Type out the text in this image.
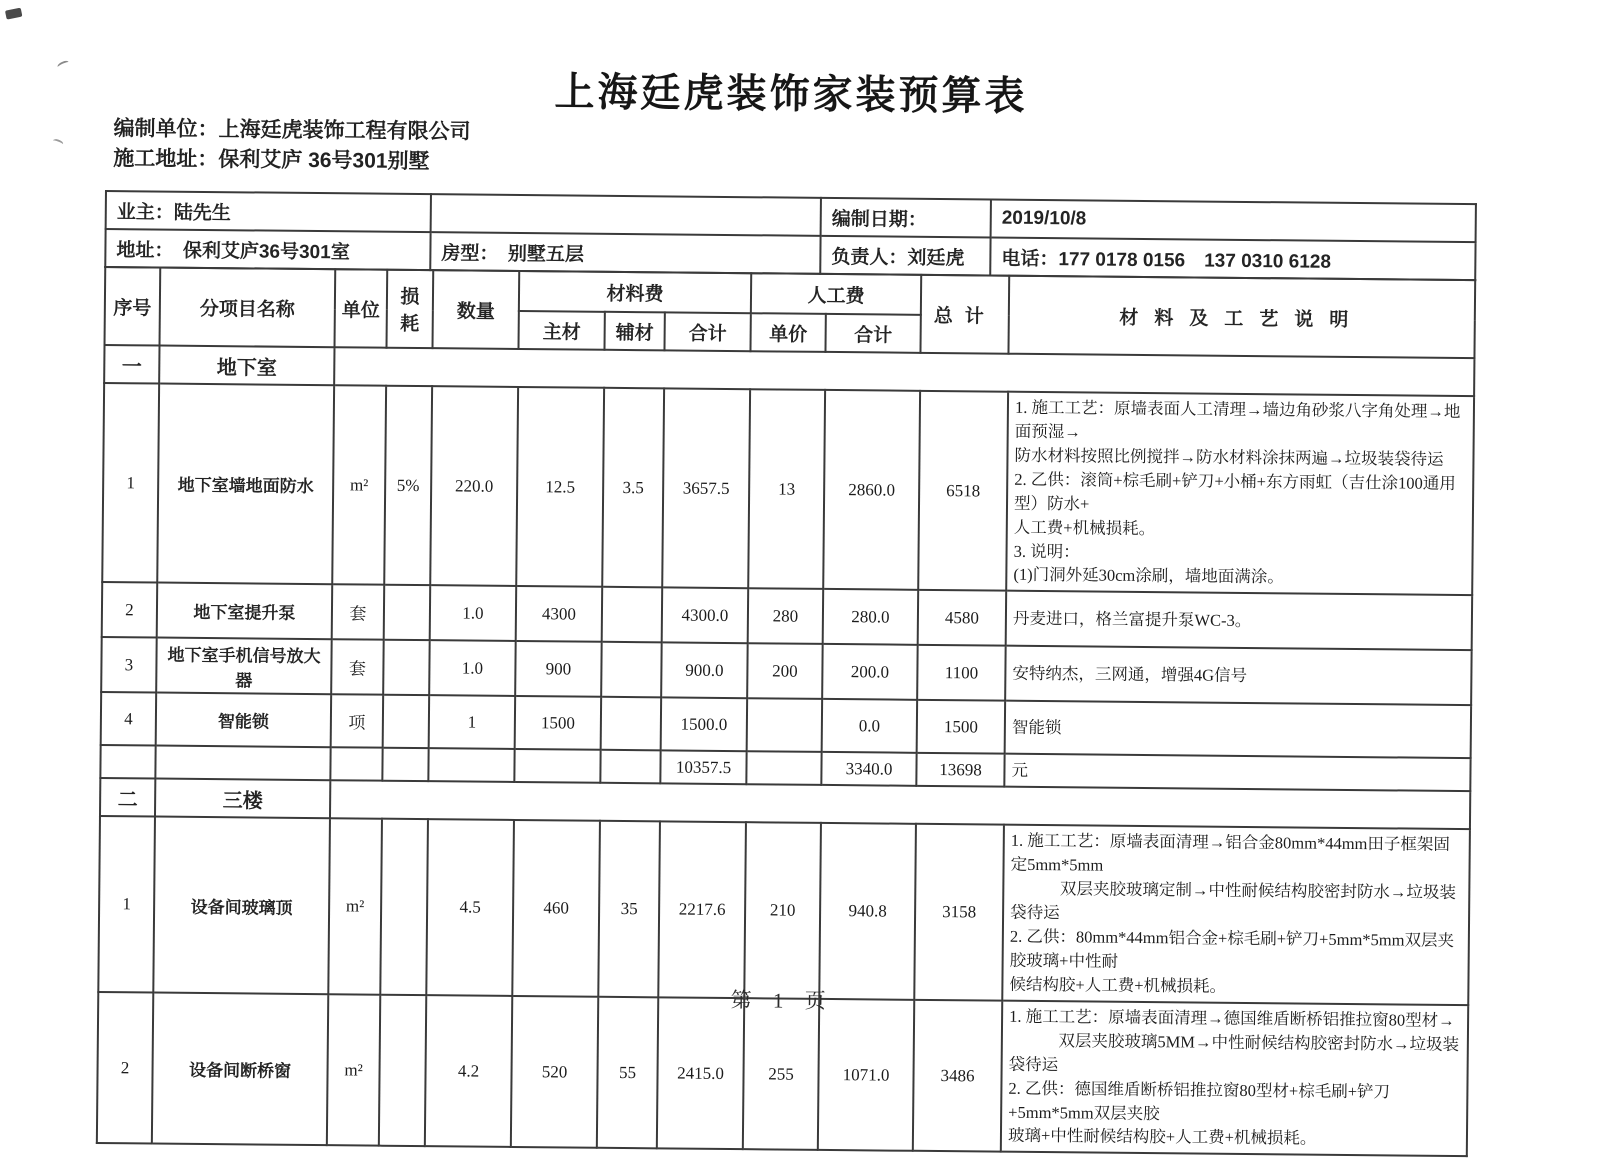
上海廷虎装饰家装预算表
编制单位：上海廷虎装饰工程有限公司
施工地址：保利艾庐 36号301别墅
业主：陆先生		编制日期：	2019/10/8
地址：　保利艾庐36号301室	房型：　别墅五层	负责人：刘廷虎	电话：177 0178 0156　137 0310 6128
序号	分项目名称	单位	损耗	数量	材料费			人工费		总计	材料及工艺说明
					主材	辅材	合计	单价	合计		
一	地下室										
1	地下室墙地面防水	m²	5%	220.0	12.5	3.5	3657.5	13	2860.0	6518	1. 施工工艺：原墙表面人工清理→墙边角砂浆八字角处理→地面预湿→
防水材料按照比例搅拌→防水材料涂抹两遍→垃圾装袋待运
2. 乙供：滚筒+棕毛刷+铲刀+小桶+东方雨虹（吉仕涂100通用型）防水+
人工费+机械损耗。
3. 说明：
(1)门洞外延30cm涂刷，墙地面满涂。
2	地下室提升泵	套		1.0	4300		4300.0	280	280.0	4580	丹麦进口，格兰富提升泵WC-3。
3	地下室手机信号放大器	套		1.0	900		900.0	200	200.0	1100	安特纳杰，三网通，增强4G信号
4	智能锁	项		1	1500		1500.0		0.0	1500	智能锁
							10357.5		3340.0	13698	元
二	三楼										
1	设备间玻璃顶	m²		4.5	460	35	2217.6	210	940.8	3158	1. 施工工艺：原墙表面清理→铝合金80mm*44mm田子框架固定5mm*5mm
　　　双层夹胶玻璃定制→中性耐候结构胶密封防水→垃圾装袋待运
2. 乙供：80mm*44mm铝合金+棕毛刷+铲刀+5mm*5mm双层夹胶玻璃+中性耐
候结构胶+人工费+机械损耗。
2	设备间断桥窗	m²		4.2	520	55	2415.0	255	1071.0	3486	1. 施工工艺：原墙表面清理→德国维盾断桥铝推拉窗80型材→
　　　双层夹胶玻璃5MM→中性耐候结构胶密封防水→垃圾装袋待运
2. 乙供：德国维盾断桥铝推拉窗80型材+棕毛刷+铲刀+5mm*5mm双层夹胶
玻璃+中性耐候结构胶+人工费+机械损耗。
第 1 页
